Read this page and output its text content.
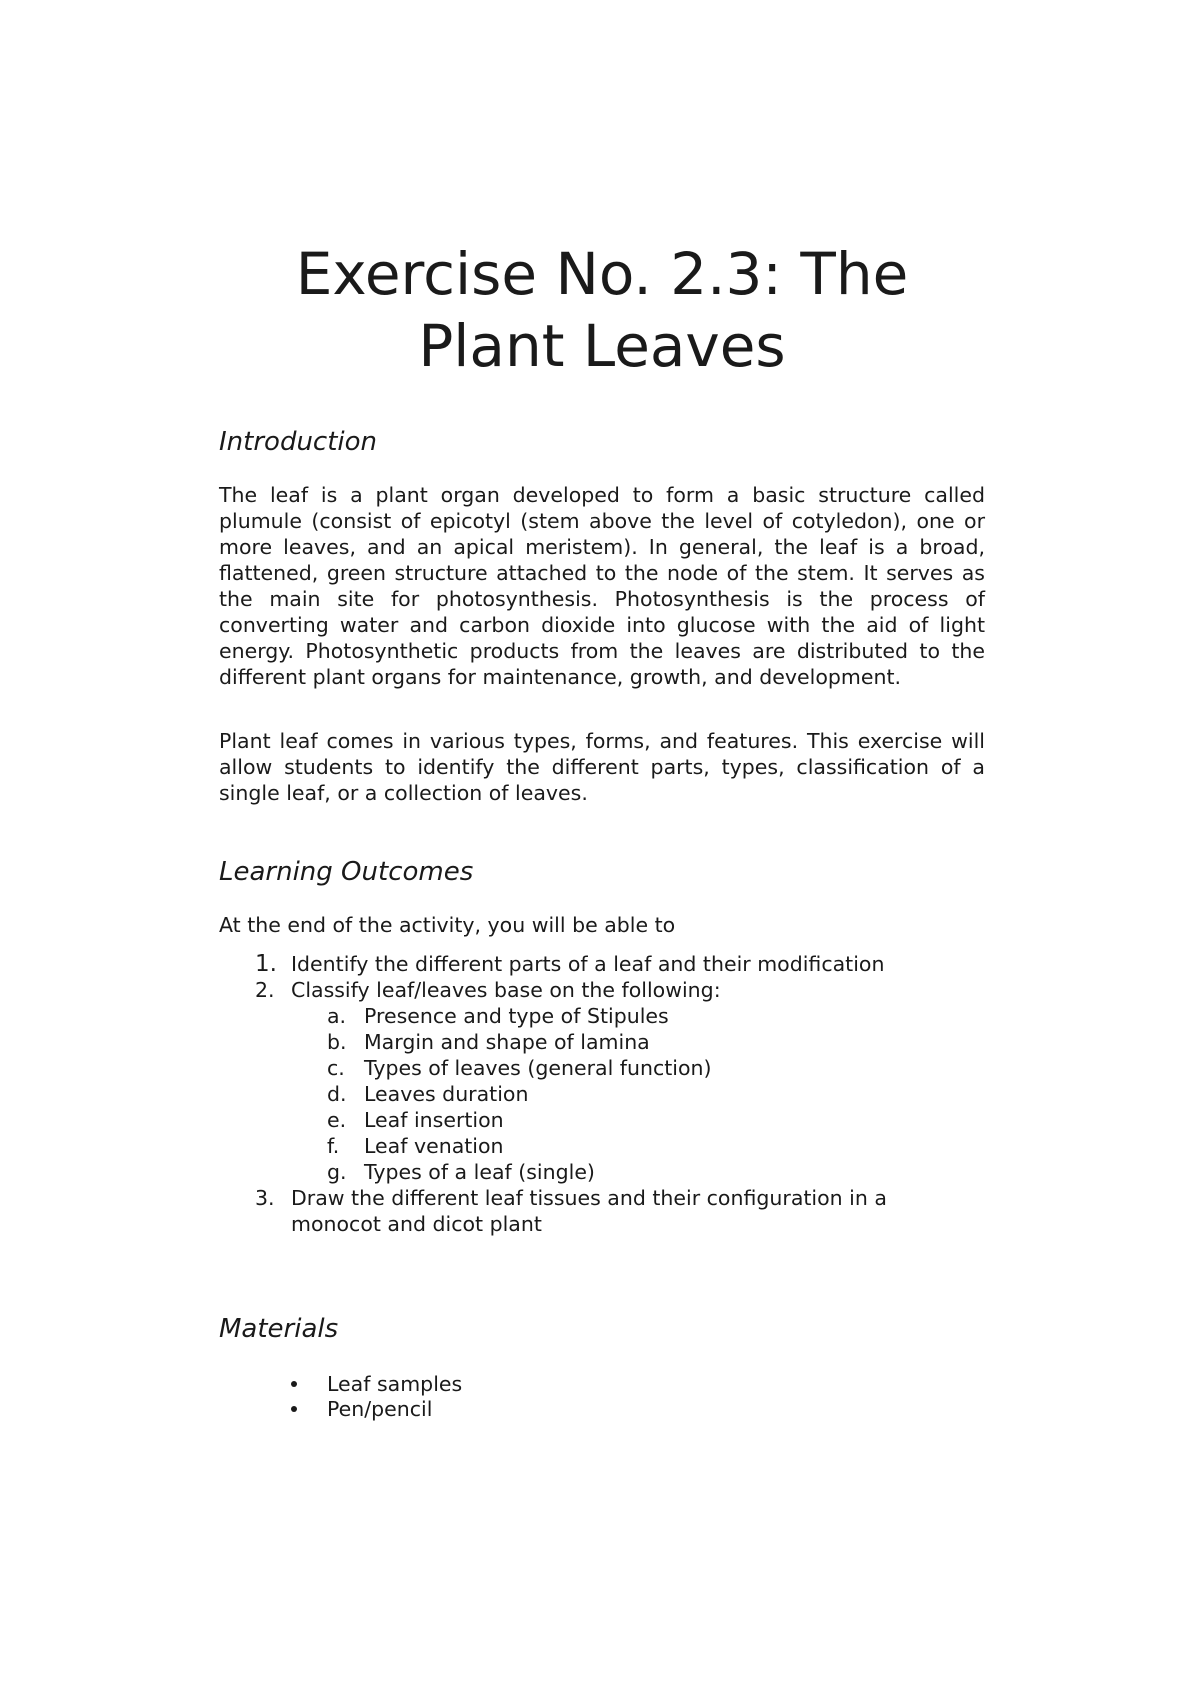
Exercise No. 2.3: The Plant Leaves
Introduction

The leaf is a plant organ developed to form a basic structure called plumule (consist of epicotyl (stem above the level of cotyledon), one or more leaves, and an apical meristem). In general, the leaf is a broad, flattened, green structure attached to the node of the stem. It serves as the main site for photosynthesis. Photosynthesis is the process of converting water and carbon dioxide into glucose with the aid of light energy. Photosynthetic products from the leaves are distributed to the different plant organs for maintenance, growth, and development.

Plant leaf comes in various types, forms, and features. This exercise will allow students to identify the different parts, types, classification of a single leaf, or a collection of leaves.

Learning Outcomes

At the end of the activity, you will be able to

1. Identify the different parts of a leaf and their modification
2. Classify leaf/leaves base on the following:
a. Presence and type of Stipules
b. Margin and shape of lamina
c. Types of leaves (general function)
d. Leaves duration
e. Leaf insertion
f.	Leaf venation
g. Types of a leaf (single)
3. Draw the different leaf tissues and their configuration in a monocot and dicot plant
Materials
Leaf samples
Pen/pencil
